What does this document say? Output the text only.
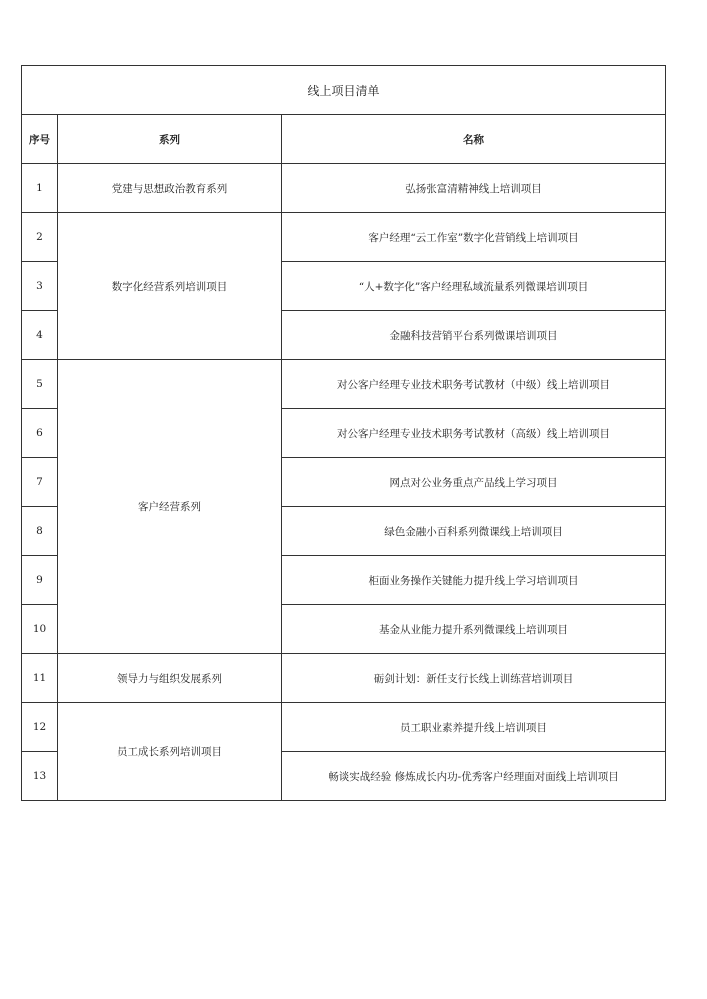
线上项目清单		
序号	系列	名称
1	党建与思想政治教育系列	弘扬张富清精神线上培训项目
2	数字化经营系列培训项目	客户经理“云工作室”数字化营销线上培训项目
3		“人+数字化”客户经理私域流量系列微课培训项目
4		金融科技营销平台系列微课培训项目
5	客户经营系列	对公客户经理专业技术职务考试教材（中级）线上培训项目
6		对公客户经理专业技术职务考试教材（高级）线上培训项目
7		网点对公业务重点产品线上学习项目
8		绿色金融小百科系列微课线上培训项目
9		柜面业务操作关键能力提升线上学习培训项目
10		基金从业能力提升系列微课线上培训项目
11	领导力与组织发展系列	砺剑计划：新任支行长线上训练营培训项目
12	员工成长系列培训项目	员工职业素养提升线上培训项目
13		畅谈实战经验 修炼成长内功-优秀客户经理面对面线上培训项目
